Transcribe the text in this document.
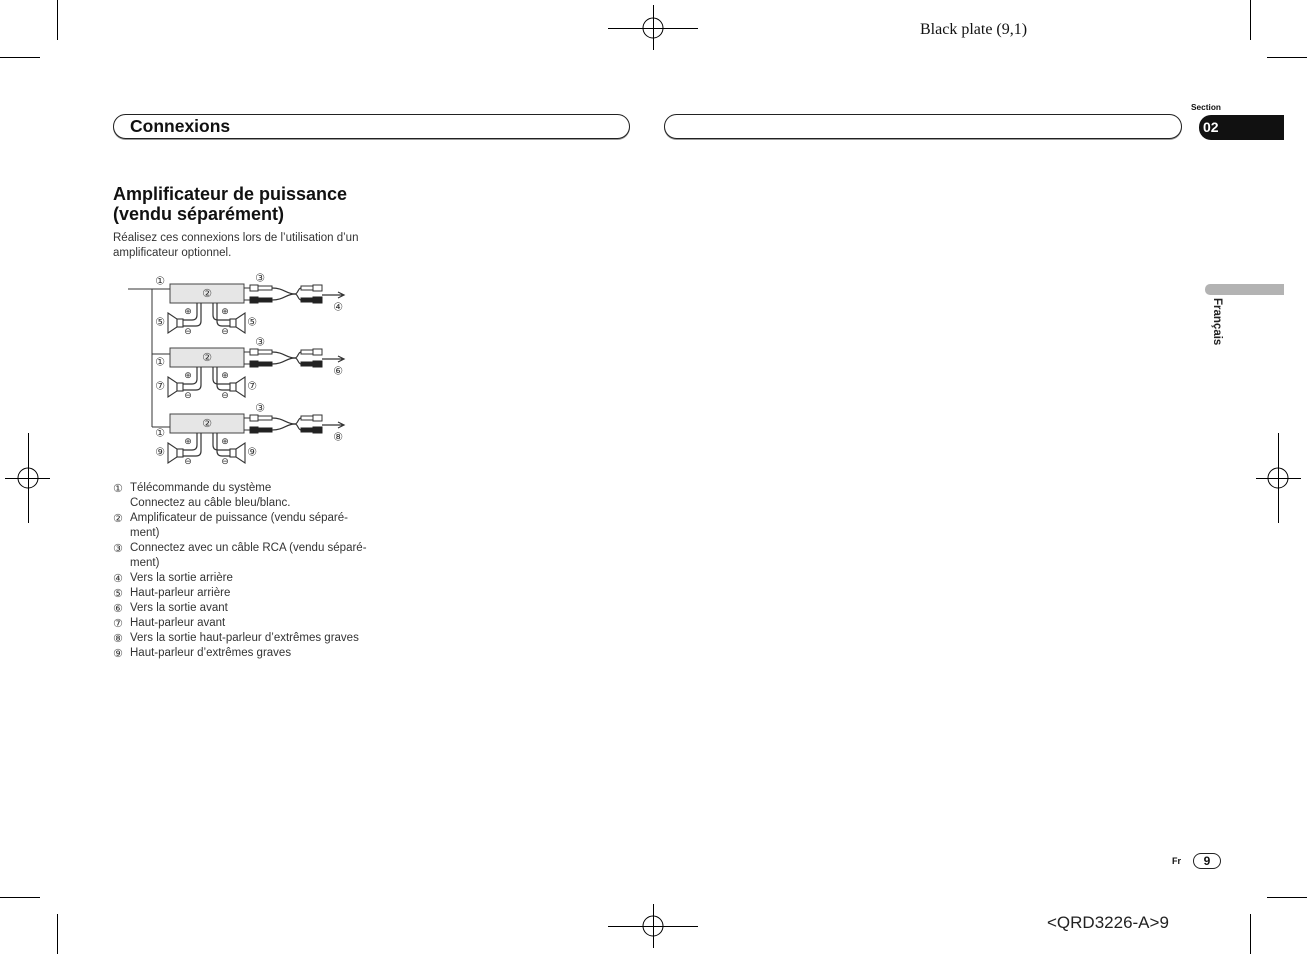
Black plate (9,1)
Connexions
Section
02
Français
Amplificateur de puissance
(vendu séparément)
Réalisez ces connexions lors de l’utilisation d’un
amplificateur optionnel.
①
①
①
②
③
④
⊕	⊕
⊖	⊖
⑤	⑤
②
③
⑥
⊕	⊕
⊖	⊖
⑦	⑦
②
③
⑧
⊕	⊕
⊖	⊖
⑨	⑨
① Télécommande du système
Connectez au câble bleu/blanc.
② Amplificateur de puissance (vendu séparé-
ment)
③ Connectez avec un câble RCA (vendu séparé-
ment)
④ Vers la sortie arrière
⑤ Haut-parleur arrière
⑥ Vers la sortie avant
⑦ Haut-parleur avant
⑧ Vers la sortie haut-parleur d’extrêmes graves
⑨ Haut-parleur d’extrêmes graves
Fr	9
<QRD3226-A>9
